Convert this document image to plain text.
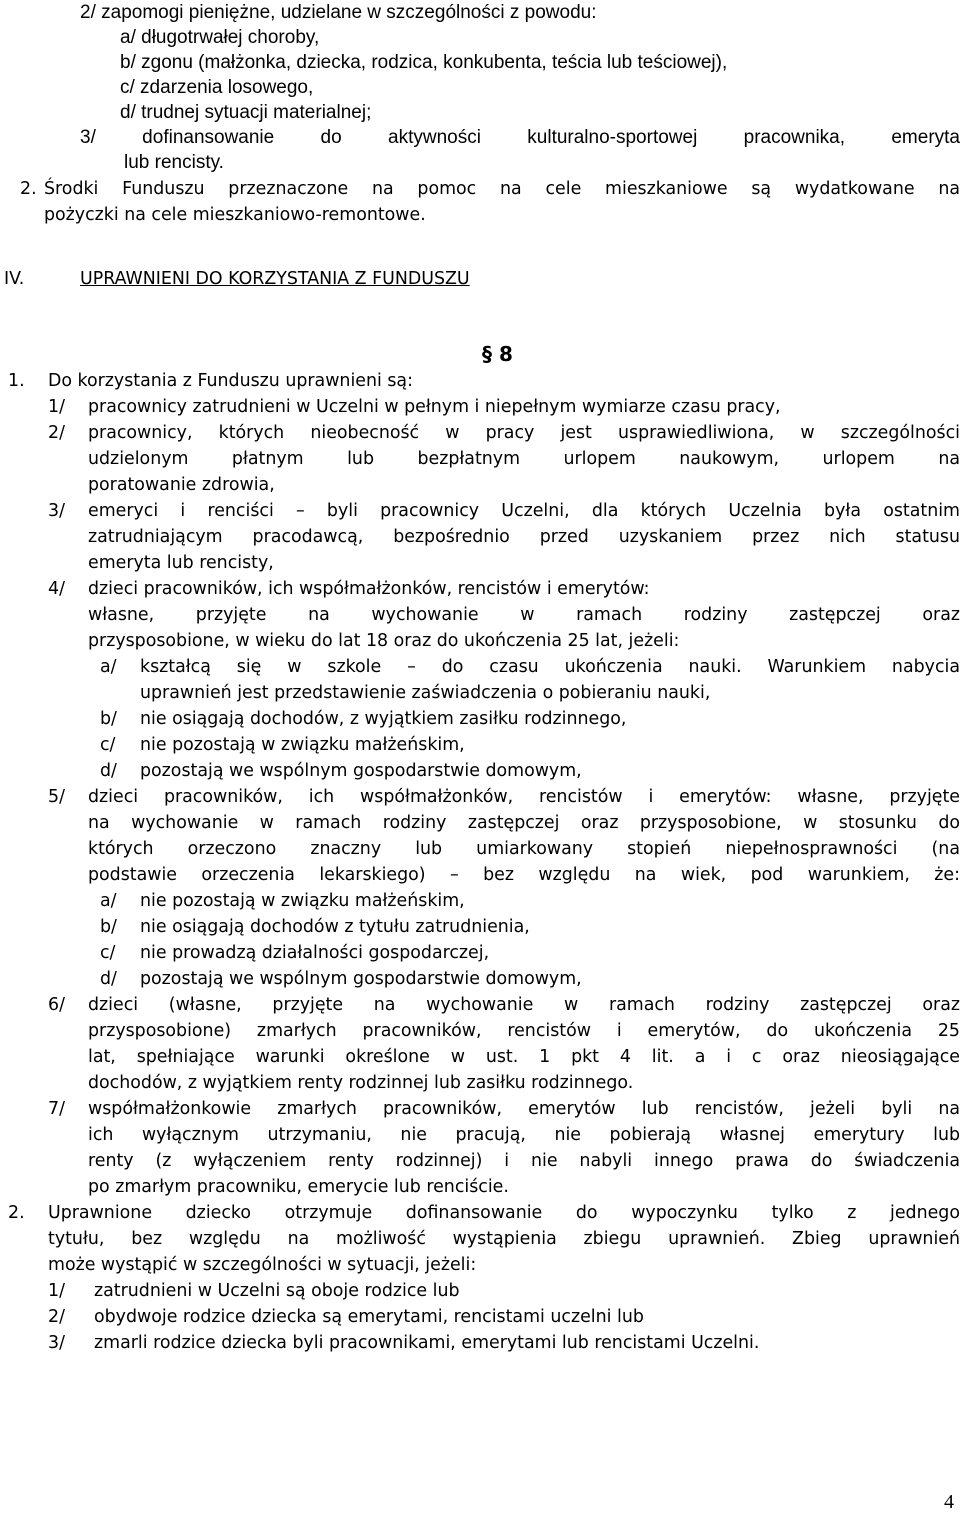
2/ zapomogi pieniężne, udzielane w szczególności z powodu:
a/ długotrwałej choroby,
b/ zgonu (małżonka, dziecka, rodzica, konkubenta, teścia lub teściowej),
c/ zdarzenia losowego,
d/ trudnej sytuacji materialnej;
3/ dofinansowanie do aktywności kulturalno-sportowej pracownika, emeryta
lub rencisty.
2. Środki Funduszu przeznaczone na pomoc na cele mieszkaniowe są wydatkowane na
pożyczki na cele mieszkaniowo-remontowe.
IV.	UPRAWNIENI DO KORZYSTANIA Z FUNDUSZU
§ 8
1. Do korzystania z Funduszu uprawnieni są:
1/ pracownicy zatrudnieni w Uczelni w pełnym i niepełnym wymiarze czasu pracy,
2/ pracownicy, których nieobecność w pracy jest usprawiedliwiona, w szczególności
udzielonym płatnym lub bezpłatnym urlopem naukowym, urlopem na
poratowanie zdrowia,
3/ emeryci i renciści – byli pracownicy Uczelni, dla których Uczelnia była ostatnim
zatrudniającym pracodawcą, bezpośrednio przed uzyskaniem przez nich statusu
emeryta lub rencisty,
4/ dzieci pracowników, ich współmałżonków, rencistów i emerytów:
własne, przyjęte na wychowanie w ramach rodziny zastępczej oraz
przysposobione, w wieku do lat 18 oraz do ukończenia 25 lat, jeżeli:
a/ kształcą się w szkole – do czasu ukończenia nauki. Warunkiem nabycia
uprawnień jest przedstawienie zaświadczenia o pobieraniu nauki,
b/ nie osiągają dochodów, z wyjątkiem zasiłku rodzinnego,
c/ nie pozostają w związku małżeńskim,
d/ pozostają we wspólnym gospodarstwie domowym,
5/ dzieci pracowników, ich współmałżonków, rencistów i emerytów: własne, przyjęte
na wychowanie w ramach rodziny zastępczej oraz przysposobione, w stosunku do
których orzeczono znaczny lub umiarkowany stopień niepełnosprawności (na
podstawie orzeczenia lekarskiego) – bez względu na wiek, pod warunkiem, że:
a/ nie pozostają w związku małżeńskim,
b/ nie osiągają dochodów z tytułu zatrudnienia,
c/ nie prowadzą działalności gospodarczej,
d/ pozostają we wspólnym gospodarstwie domowym,
6/ dzieci (własne, przyjęte na wychowanie w ramach rodziny zastępczej oraz
przysposobione) zmarłych pracowników, rencistów i emerytów, do ukończenia 25
lat, spełniające warunki określone w ust. 1 pkt 4 lit. a i c oraz nieosiągające
dochodów, z wyjątkiem renty rodzinnej lub zasiłku rodzinnego.
7/ współmałżonkowie zmarłych pracowników, emerytów lub rencistów, jeżeli byli na
ich wyłącznym utrzymaniu, nie pracują, nie pobierają własnej emerytury lub
renty (z wyłączeniem renty rodzinnej) i nie nabyli innego prawa do świadczenia
po zmarłym pracowniku, emerycie lub renciście.
2. Uprawnione dziecko otrzymuje dofinansowanie do wypoczynku tylko z jednego
tytułu, bez względu na możliwość wystąpienia zbiegu uprawnień. Zbieg uprawnień
może wystąpić w szczególności w sytuacji, jeżeli:
1/ zatrudnieni w Uczelni są oboje rodzice lub
2/ obydwoje rodzice dziecka są emerytami, rencistami uczelni lub
3/ zmarli rodzice dziecka byli pracownikami, emerytami lub rencistami Uczelni.
4
